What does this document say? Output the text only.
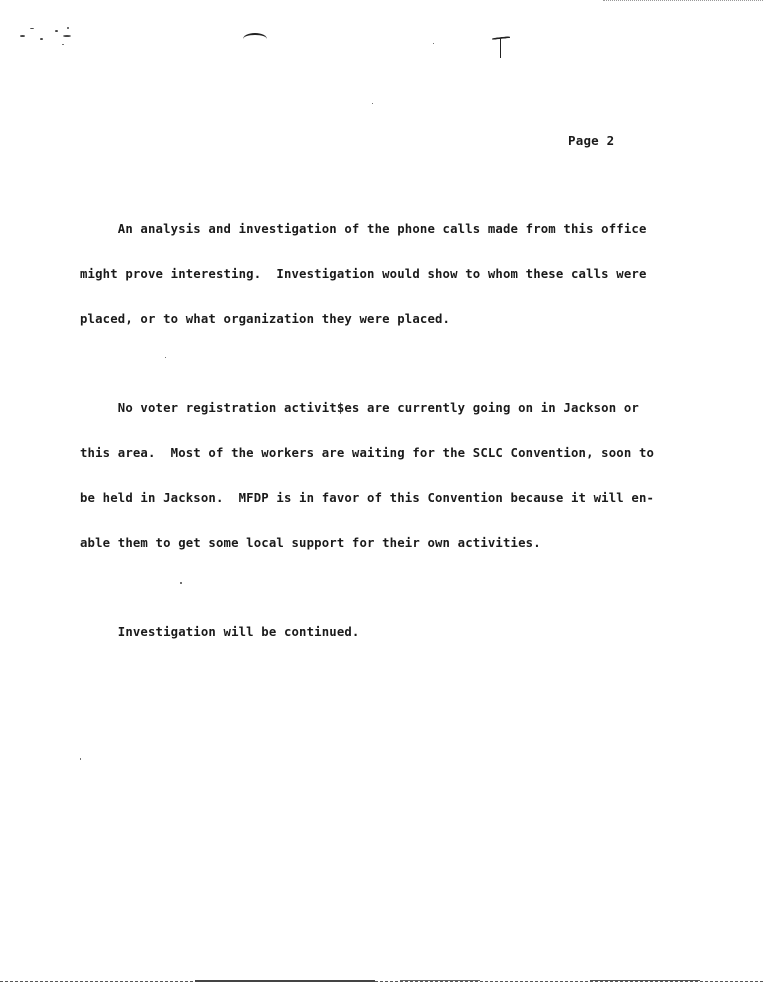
Page 2

An analysis and investigation of the phone calls made from this office

might prove interesting.  Investigation would show to whom these calls were

placed, or to what organization they were placed.

No voter registration activit$es are currently going on in Jackson or

this area.  Most of the workers are waiting for the SCLC Convention, soon to

be held in Jackson.  MFDP is in favor of this Convention because it will en-

able them to get some local support for their own activities.

Investigation will be continued.
